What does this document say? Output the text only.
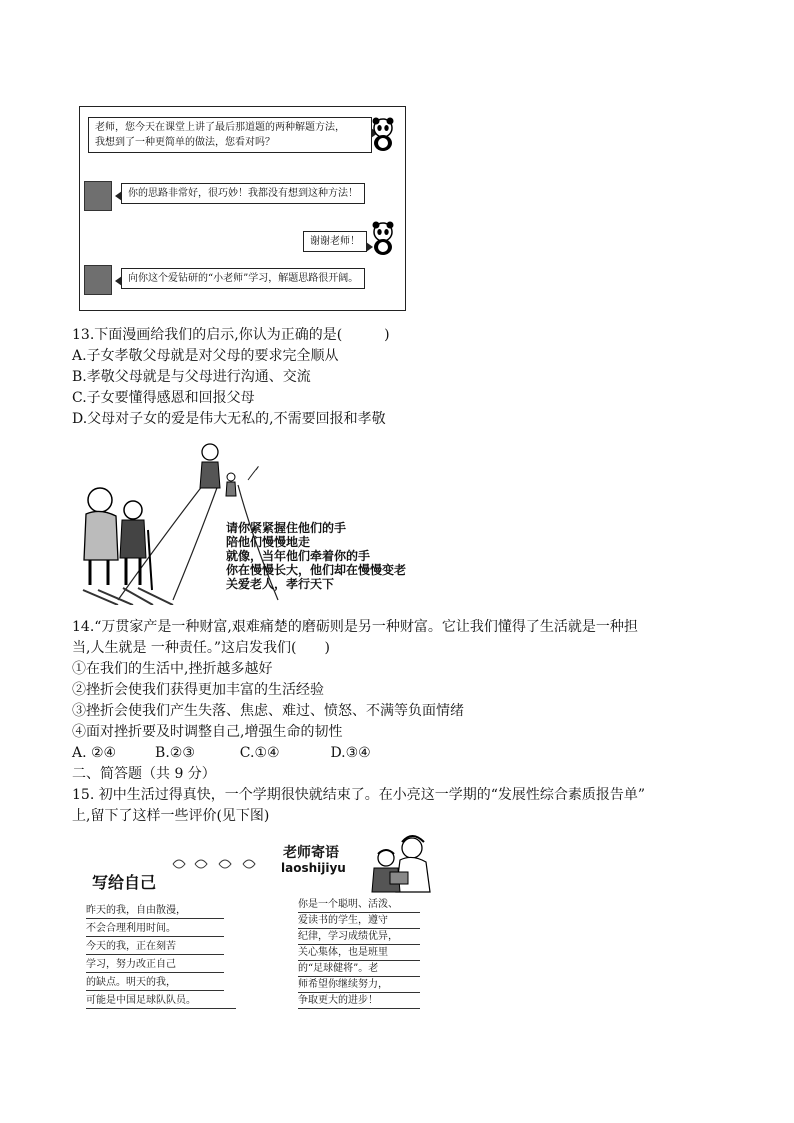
老师，您今天在课堂上讲了最后那道题的两种解题方法，
我想到了一种更简单的做法，您看对吗？
你的思路非常好，很巧妙！我都没有想到这种方法！
谢谢老师！
向你这个爱钻研的“小老师”学习，解题思路很开阔。
13.下面漫画给我们的启示,你认为正确的是(　　　)
A.子女孝敬父母就是对父母的要求完全顺从
B.孝敬父母就是与父母进行沟通、交流
C.子女要懂得感恩和回报父母
D.父母对子女的爱是伟大无私的,不需要回报和孝敬
请你紧紧握住他们的手
陪他们慢慢地走
就像，当年他们牵着你的手
你在慢慢长大，他们却在慢慢变老
关爱老人，孝行天下
14.“万贯家产是一种财富,艰难痛楚的磨砺则是另一种财富。它让我们懂得了生活就是一种担
当,人生就是 一种责任。”这启发我们(　　)
①在我们的生活中,挫折越多越好
②挫折会使我们获得更加丰富的生活经验
③挫折会使我们产生失落、焦虑、难过、愤怒、不满等负面情绪
④面对挫折要及时调整自己,增强生命的韧性
A. ②④	B.②③	C.①④	D.③④
二、简答题（共 9 分）
15. 初中生活过得真快，一个学期很快就结束了。在小亮这一学期的“发展性综合素质报告单”
上,留下了这样一些评价(见下图)
写给自己
老师寄语
laoshijiyu
昨天的我，自由散漫，
不会合理利用时间。
今天的我，正在刻苦
学习，努力改正自己
的缺点。明天的我，
可能是中国足球队队员。
你是一个聪明、活泼、
爱读书的学生，遵守
纪律，学习成绩优异，
关心集体，也是班里
的“足球健将”。老
师希望你继续努力，
争取更大的进步！
